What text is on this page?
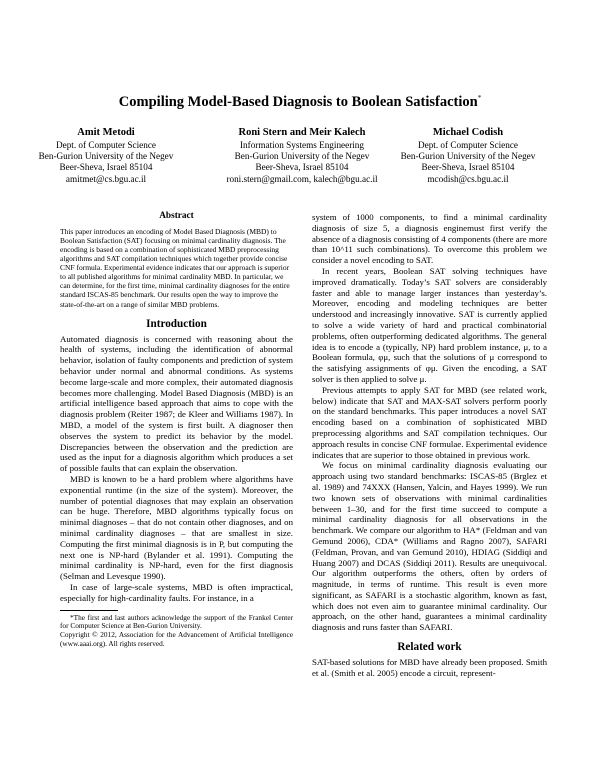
Compiling Model-Based Diagnosis to Boolean Satisfaction*
Amit Metodi
Dept. of Computer Science
Ben-Gurion University of the Negev
Beer-Sheva, Israel 85104
amitmet@cs.bgu.ac.il
Roni Stern and Meir Kalech
Information Systems Engineering
Ben-Gurion University of the Negev
Beer-Sheva, Israel 85104
roni.stern@gmail.com, kalech@bgu.ac.il
Michael Codish
Dept. of Computer Science
Ben-Gurion University of the Negev
Beer-Sheva, Israel 85104
mcodish@cs.bgu.ac.il
Abstract

This paper introduces an encoding of Model Based Diagnosis (MBD) to Boolean Satisfaction (SAT) focusing on minimal cardinality diagnosis. The encoding is based on a combination of sophisticated MBD preprocessing algorithms and SAT compilation techniques which together provide concise CNF formula. Experimental evidence indicates that our approach is superior to all published algorithms for minimal cardinality MBD. In particular, we can determine, for the first time, minimal cardinality diagnoses for the entire standard ISCAS-85 benchmark. Our results open the way to improve the state-of-the-art on a range of similar MBD problems.

Introduction

Automated diagnosis is concerned with reasoning about the health of systems, including the identification of abnormal behavior, isolation of faulty components and prediction of system behavior under normal and abnormal conditions. As systems become large-scale and more complex, their automated diagnosis becomes more challenging. Model Based Diagnosis (MBD) is an artificial intelligence based approach that aims to cope with the diagnosis problem (Reiter 1987; de Kleer and Williams 1987). In MBD, a model of the system is first built. A diagnoser then observes the system to predict its behavior by the model. Discrepancies between the observation and the prediction are used as the input for a diagnosis algorithm which produces a set of possible faults that can explain the observation.

MBD is known to be a hard problem where algorithms have exponential runtime (in the size of the system). Moreover, the number of potential diagnoses that may explain an observation can be huge. Therefore, MBD algorithms typically focus on minimal diagnoses – that do not contain other diagnoses, and on minimal cardinality diagnoses – that are smallest in size. Computing the first minimal diagnosis is in P, but computing the next one is NP-hard (Bylander et al. 1991). Computing the minimal cardinality is NP-hard, even for the first diagnosis (Selman and Levesque 1990).

In case of large-scale systems, MBD is often impractical, especially for high-cardinality faults. For instance, in a

*The first and last authors acknowledge the support of the Frankel Center for Computer Science at Ben-Gurion University.

Copyright © 2012, Association for the Advancement of Artificial Intelligence (www.aaai.org). All rights reserved.

system of 1000 components, to find a minimal cardinality diagnosis of size 5, a diagnosis enginemust first verify the absence of a diagnosis consisting of 4 components (there are more than 10^11 such combinations). To overcome this problem we consider a novel encoding to SAT.

In recent years, Boolean SAT solving techniques have improved dramatically. Today’s SAT solvers are considerably faster and able to manage larger instances than yesterday’s. Moreover, encoding and modeling techniques are better understood and increasingly innovative. SAT is currently applied to solve a wide variety of hard and practical combinatorial problems, often outperforming dedicated algorithms. The general idea is to encode a (typically, NP) hard problem instance, μ, to a Boolean formula, φμ, such that the solutions of μ correspond to the satisfying assignments of φμ. Given the encoding, a SAT solver is then applied to solve μ.

Previous attempts to apply SAT for MBD (see related work, below) indicate that SAT and MAX-SAT solvers perform poorly on the standard benchmarks. This paper introduces a novel SAT encoding based on a combination of sophisticated MBD preprocessing algorithms and SAT compilation techniques. Our approach results in concise CNF formulae. Experimental evidence indicates that are superior to those obtained in previous work.

We focus on minimal cardinality diagnosis evaluating our approach using two standard benchmarks: ISCAS-85 (Brglez et al. 1989) and 74XXX (Hansen, Yalcin, and Hayes 1999). We run two known sets of observations with minimal cardinalities between 1–30, and for the first time succeed to compute a minimal cardinality diagnosis for all observations in the benchmark. We compare our algorithm to HA* (Feldman and van Gemund 2006), CDA* (Williams and Ragno 2007), SAFARI (Feldman, Provan, and van Gemund 2010), HDIAG (Siddiqi and Huang 2007) and DCAS (Siddiqi 2011). Results are unequivocal. Our algorithm outperforms the others, often by orders of magnitude, in terms of runtime. This result is even more significant, as SAFARI is a stochastic algorithm, known as fast, which does not even aim to guarantee minimal cardinality. Our approach, on the other hand, guarantees a minimal cardinality diagnosis and runs faster than SAFARI.

Related work

SAT-based solutions for MBD have already been proposed. Smith et al. (Smith et al. 2005) encode a circuit, represent-
